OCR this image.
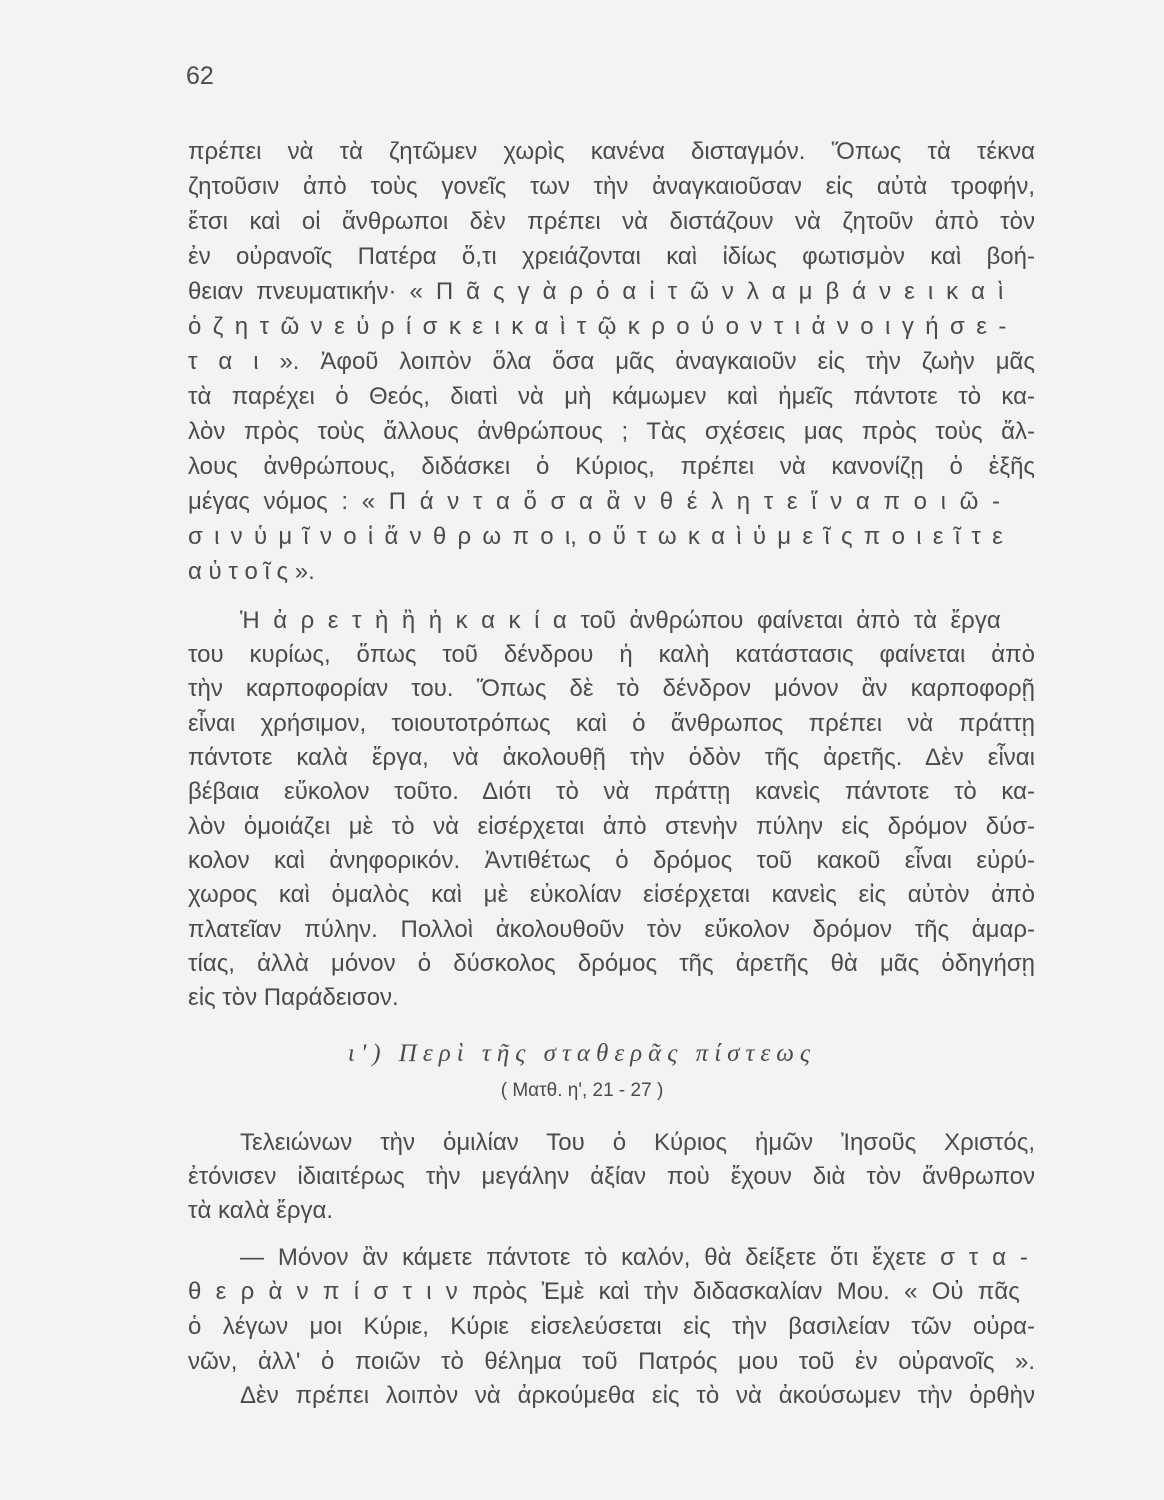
62
πρέπει νὰ τὰ ζητῶμεν χωρὶς κανένα δισταγμόν. Ὅπως τὰ τέκνα
ζητοῦσιν ἀπὸ τοὺς γονεῖς των τὴν ἀναγκαιοῦσαν εἰς αὐτὰ τροφήν,
ἔτσι καὶ οἱ ἄνθρωποι δὲν πρέπει νὰ διστάζουν νὰ ζητοῦν ἀπὸ τὸν
ἐν οὐρανοῖς Πατέρα ὅ,τι χρειάζονται καὶ ἰδίως φωτισμὸν καὶ βοή-
θειαν πνευματικήν· « Π ᾶ ς γ ὰ ρ ὁ α ἰ τ ῶ ν λ α μ β ά ν ε ι κ α ὶ
ὁ ζ η τ ῶ ν ε ὑ ρ ί σ κ ε ι κ α ὶ τ ῷ κ ρ ο ύ ο ν τ ι ἀ ν ο ι γ ή σ ε -
τ α ι ». Ἀφοῦ λοιπὸν ὅλα ὅσα μᾶς ἀναγκαιοῦν εἰς τὴν ζωὴν μᾶς
τὰ παρέχει ὁ Θεός, διατὶ νὰ μὴ κάμωμεν καὶ ἡμεῖς πάντοτε τὸ κα-
λὸν πρὸς τοὺς ἄλλους ἀνθρώπους ; Τὰς σχέσεις μας πρὸς τοὺς ἄλ-
λους ἀνθρώπους, διδάσκει ὁ Κύριος, πρέπει νὰ κανονίζῃ ὁ ἑξῆς
μέγας νόμος : « Π ά ν τ α ὅ σ α ἂ ν θ έ λ η τ ε ἵ ν α π ο ι ῶ -
σ ι ν ὑ μ ῖ ν ο ἱ ἄ ν θ ρ ω π ο ι, ο ὕ τ ω κ α ὶ ὑ μ ε ῖ ς π ο ι ε ῖ τ ε
α ὐ τ ο ῖ ς ».
Ἡ ἀ ρ ε τ ὴ ἢ ἡ κ α κ ί α τοῦ ἀνθρώπου φαίνεται ἀπὸ τὰ ἔργα
του κυρίως, ὅπως τοῦ δένδρου ἡ καλὴ κατάστασις φαίνεται ἀπὸ
τὴν καρποφορίαν του. Ὅπως δὲ τὸ δένδρον μόνον ἂν καρποφορῇ
εἶναι χρήσιμον, τοιουτοτρόπως καὶ ὁ ἄνθρωπος πρέπει νὰ πράττῃ
πάντοτε καλὰ ἔργα, νὰ ἀκολουθῇ τὴν ὁδὸν τῆς ἀρετῆς. Δὲν εἶναι
βέβαια εὔκολον τοῦτο. Διότι τὸ νὰ πράττῃ κανεὶς πάντοτε τὸ κα-
λὸν ὁμοιάζει μὲ τὸ νὰ εἰσέρχεται ἀπὸ στενὴν πύλην εἰς δρόμον δύσ-
κολον καὶ ἀνηφορικόν. Ἀντιθέτως ὁ δρόμος τοῦ κακοῦ εἶναι εὐρύ-
χωρος καὶ ὁμαλὸς καὶ μὲ εὐκολίαν εἰσέρχεται κανεὶς εἰς αὐτὸν ἀπὸ
πλατεῖαν πύλην. Πολλοὶ ἀκολουθοῦν τὸν εὔκολον δρόμον τῆς ἁμαρ-
τίας, ἀλλὰ μόνον ὁ δύσκολος δρόμος τῆς ἀρετῆς θὰ μᾶς ὁδηγήσῃ
εἰς τὸν Παράδεισον.
ι') Περὶ τῆς σταθερᾶς πίστεως
( Ματθ. η', 21 - 27 )
Τελειώνων τὴν ὁμιλίαν Του ὁ Κύριος ἡμῶν Ἰησοῦς Χριστός,
ἐτόνισεν ἰδιαιτέρως τὴν μεγάλην ἀξίαν ποὺ ἔχουν διὰ τὸν ἄνθρωπον
τὰ καλὰ ἔργα.
— Μόνον ἂν κάμετε πάντοτε τὸ καλόν, θὰ δείξετε ὅτι ἔχετε σ τ α -
θ ε ρ ὰ ν π ί σ τ ι ν πρὸς Ἐμὲ καὶ τὴν διδασκαλίαν Μου. « Οὐ πᾶς
ὁ λέγων μοι Κύριε, Κύριε εἰσελεύσεται εἰς τὴν βασιλείαν τῶν οὐρα-
νῶν, ἀλλ' ὁ ποιῶν τὸ θέλημα τοῦ Πατρός μου τοῦ ἐν οὐρανοῖς ».
Δὲν πρέπει λοιπὸν νὰ ἀρκούμεθα εἰς τὸ νὰ ἀκούσωμεν τὴν ὀρθὴν
